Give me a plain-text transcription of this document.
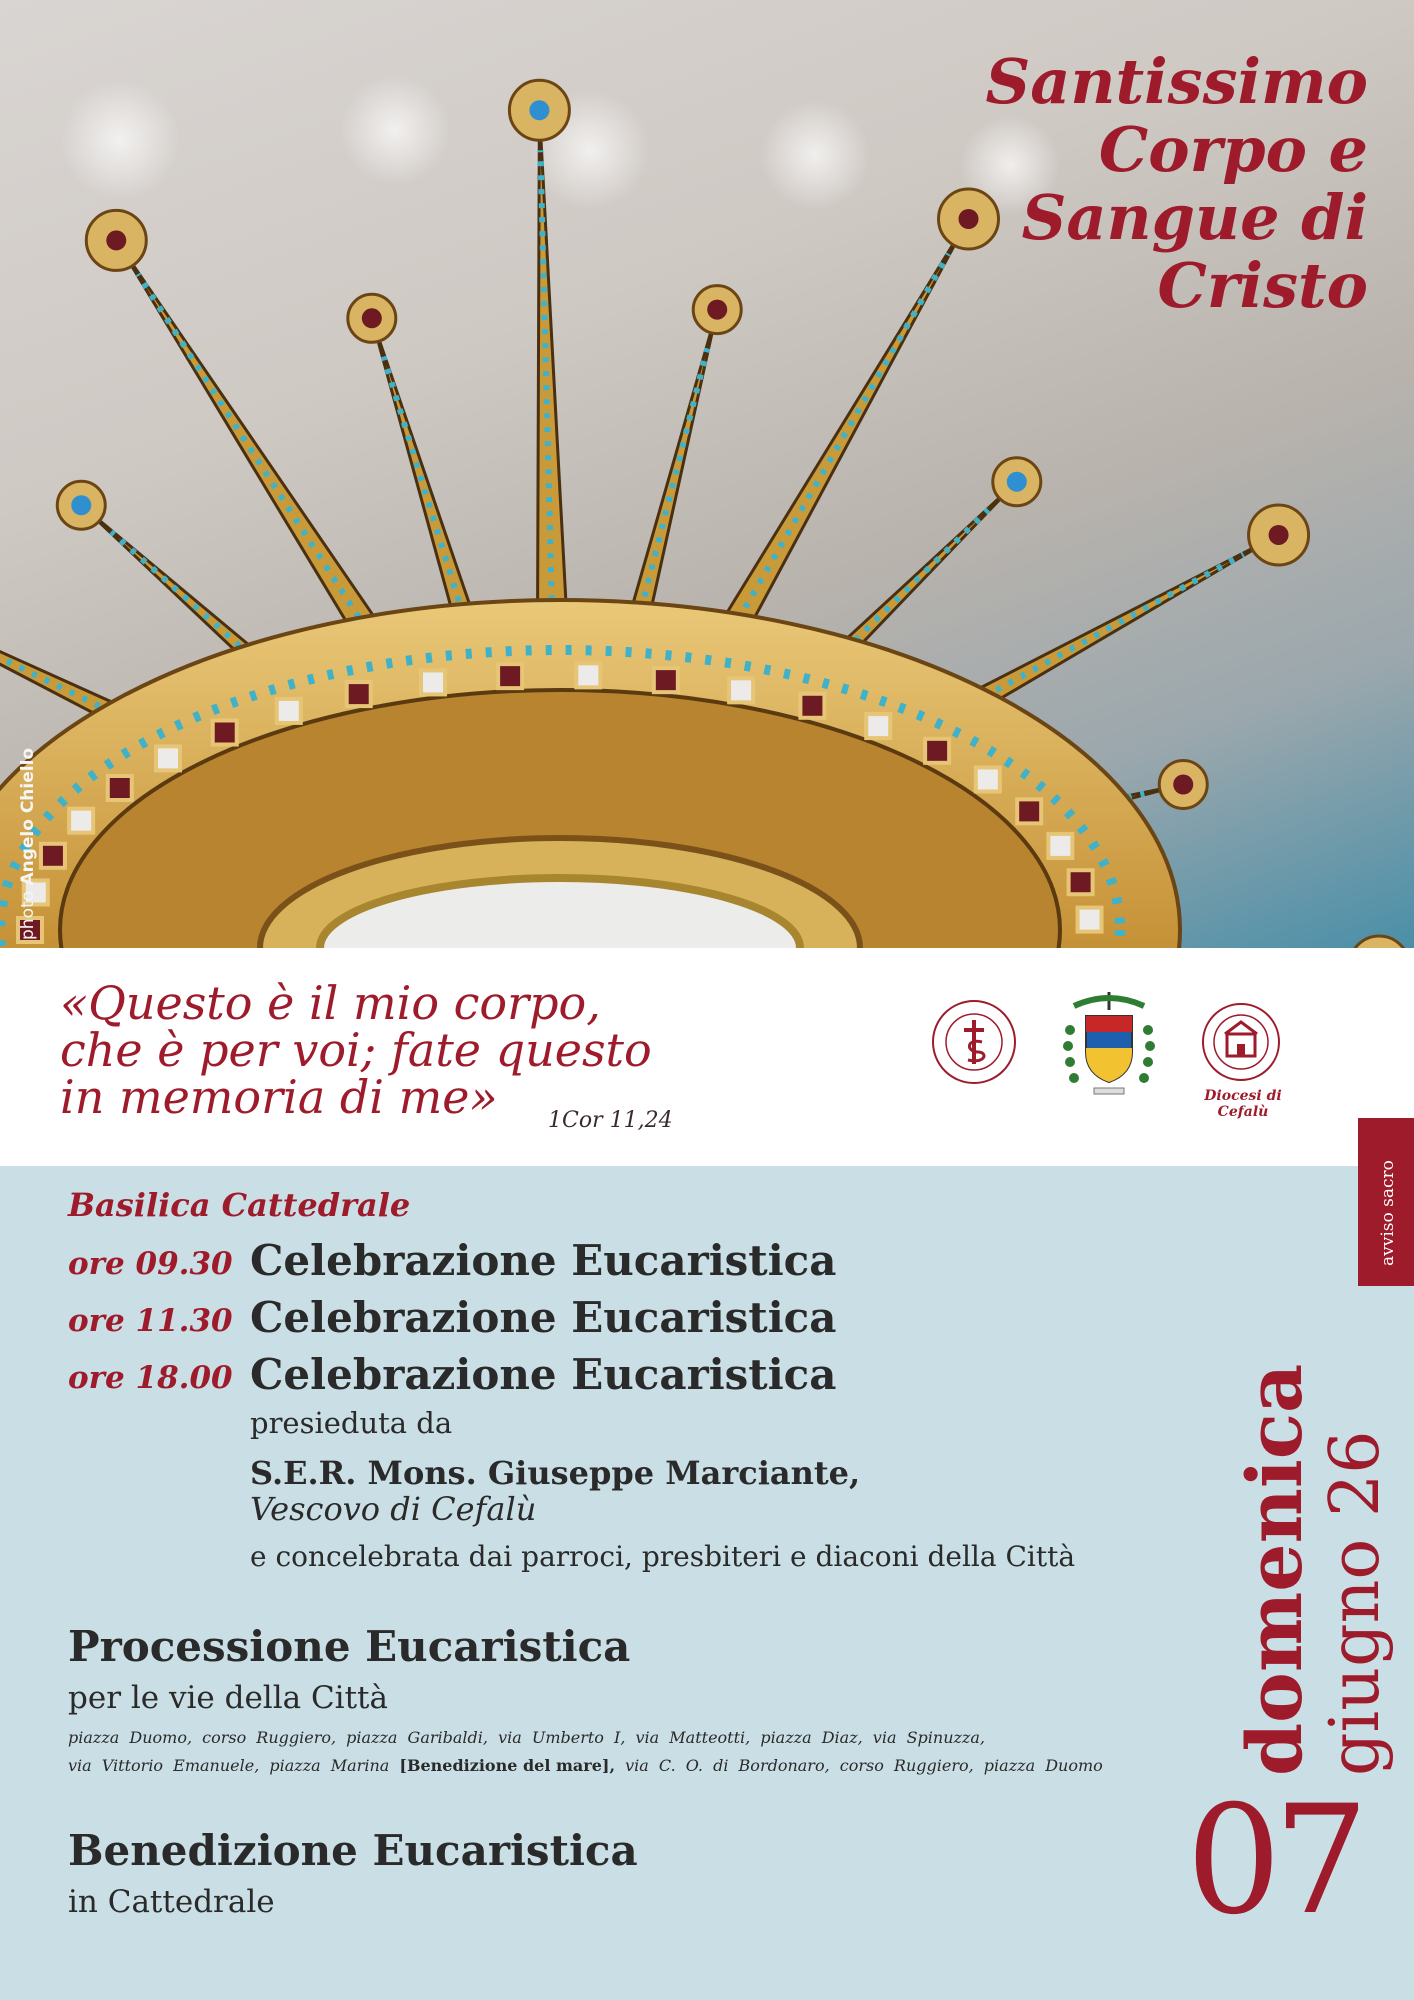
Santissimo
Corpo e
Sangue di
Cristo
photo Angelo Chiello

«Questo è il mio corpo,
che è per voi; fate questo
in memoria di me»	1Cor 11,24
Diocesi di Cefalù
avviso sacro
Basilica Cattedrale
ore 09.30 Celebrazione Eucaristica
ore 11.30 Celebrazione Eucaristica
ore 18.00 Celebrazione Eucaristica

presieduta da

S.E.R. Mons. Giuseppe Marciante,

Vescovo di Cefalù

e concelebrata dai parroci, presbiteri e diaconi della Città

Processione Eucaristica

per le vie della Città

piazza Duomo, corso Ruggiero, piazza Garibaldi, via Umberto I, via Matteotti, piazza Diaz, via Spinuzza,

via Vittorio Emanuele, piazza Marina [Benedizione del mare], via C. O. di Bordonaro, corso Ruggiero, piazza Duomo

Benedizione Eucaristica

in Cattedrale

domenica
giugno 26
07
